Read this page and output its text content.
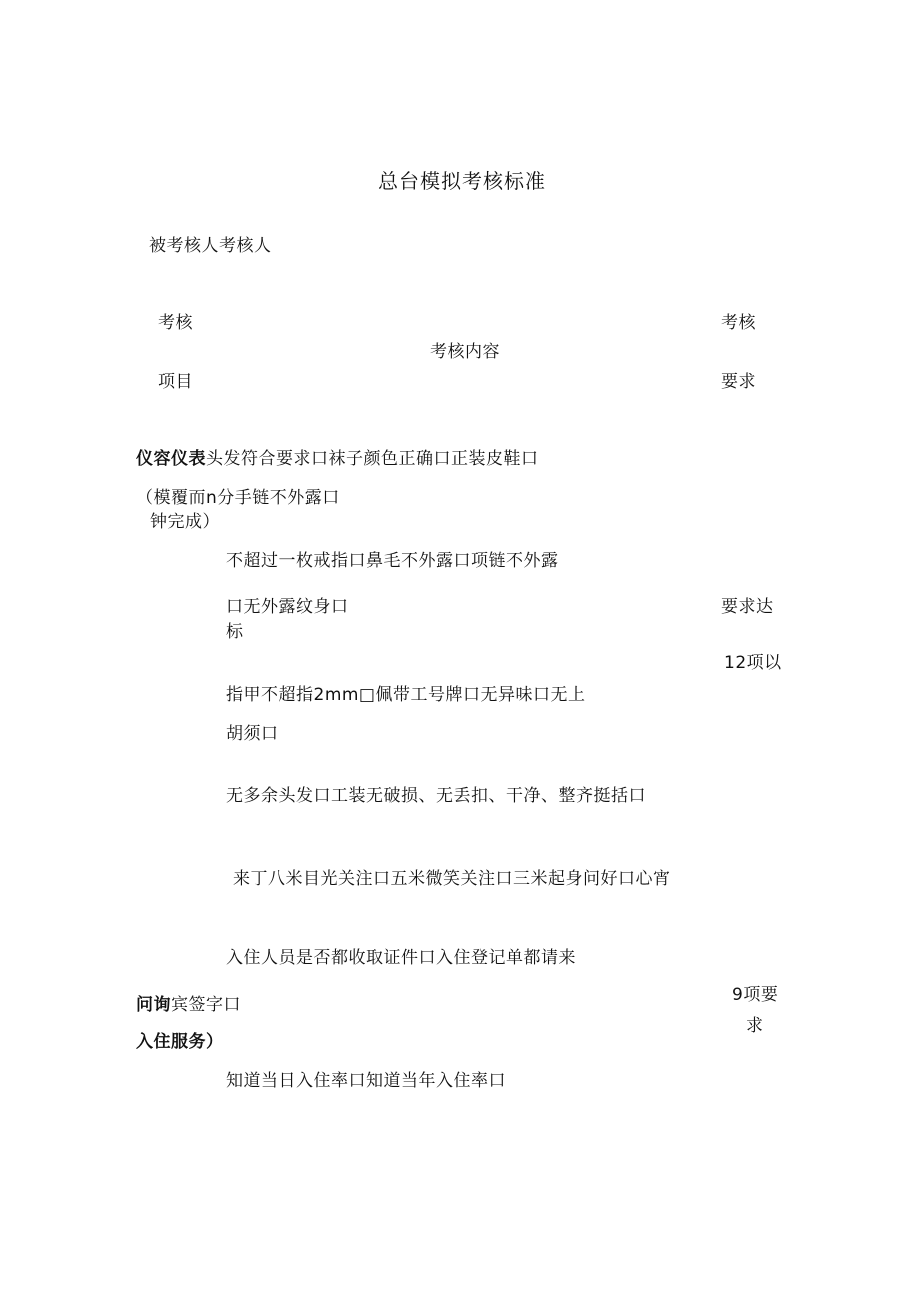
总台模拟考核标准
被考核人考核人
考核
项目
考核内容
考核
要求
仪容仪表头发符合要求口袜子颜色正确口正装皮鞋口
（模覆而n分手链不外露口
钟完成）
不超过一枚戒指口鼻毛不外露口项链不外露
口无外露纹身口
标
指甲不超指2mm□佩带工号牌口无异味口无上
胡须口
无多余头发口工装无破损、无丢扣、干净、整齐挺括口
要求达
12项以
来丁八米目光关注口五米微笑关注口三米起身问好口心宵
入住人员是否都收取证件口入住登记单都请来
问询宾签字口
入住服务）
知道当日入住率口知道当年入住率口
9项要
求
